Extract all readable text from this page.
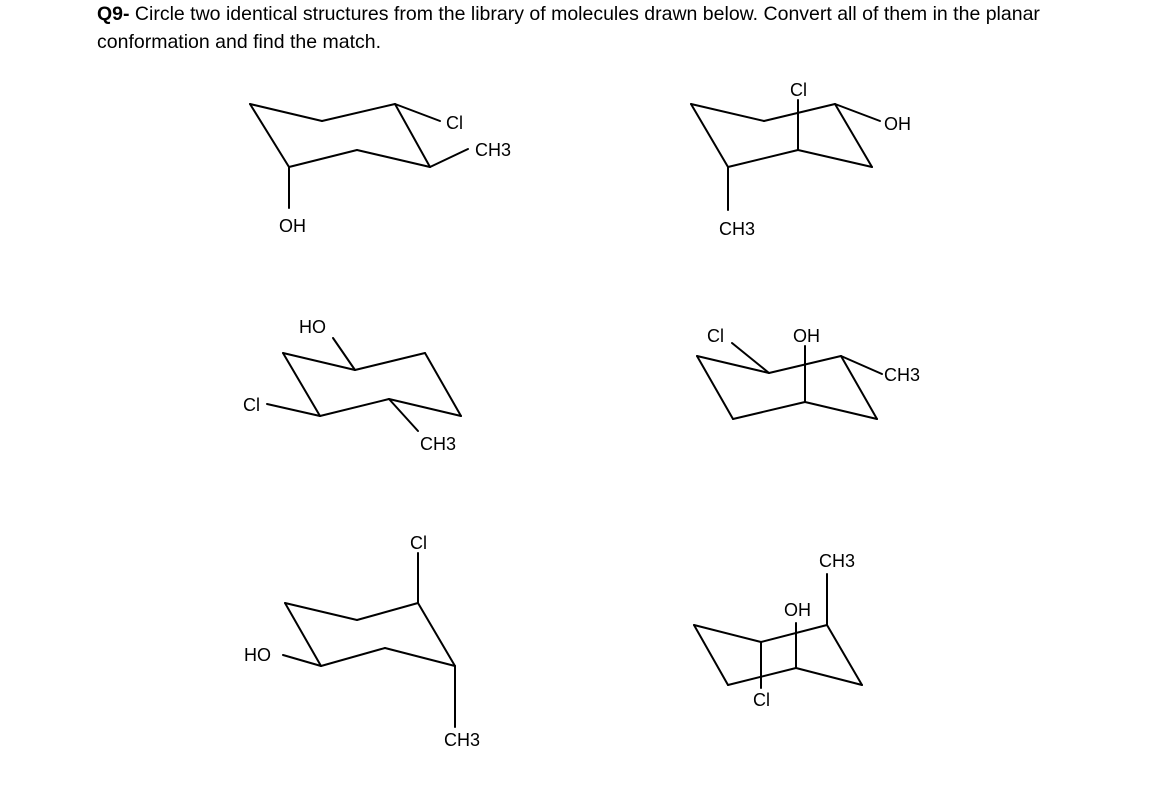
Q9- Circle two identical structures from the library of molecules drawn below. Convert all of them in the planar conformation and find the match.
OH
Cl
CH3
CH3
Cl
OH
HO
Cl
CH3
Cl	OH
CH3
HO
Cl
CH3
CH3
OH
Cl
